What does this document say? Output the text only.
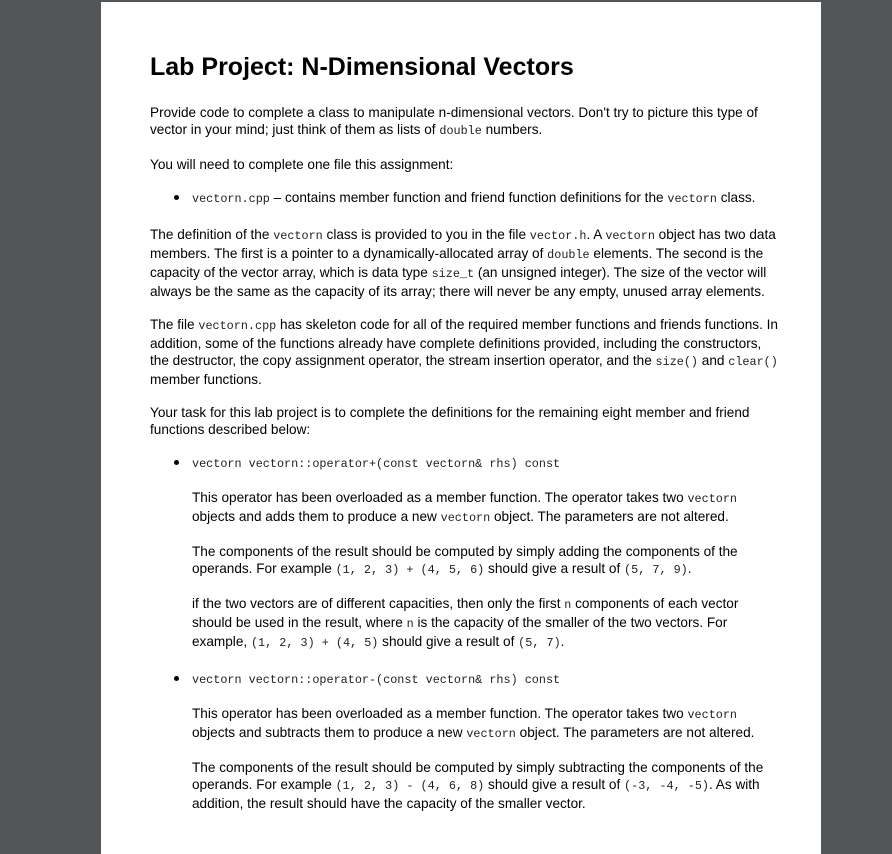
Lab Project: N-Dimensional Vectors

Provide code to complete a class to manipulate n-dimensional vectors. Don't try to picture this type of vector in your mind; just think of them as lists of double numbers.

You will need to complete one file this assignment:

vectorn.cpp – contains member function and friend function definitions for the vectorn class.

The definition of the vectorn class is provided to you in the file vector.h. A vectorn object has two data members. The first is a pointer to a dynamically-allocated array of double elements. The second is the capacity of the vector array, which is data type size_t (an unsigned integer). The size of the vector will always be the same as the capacity of its array; there will never be any empty, unused array elements.

The file vectorn.cpp has skeleton code for all of the required member functions and friends functions. In addition, some of the functions already have complete definitions provided, including the constructors, the destructor, the copy assignment operator, the stream insertion operator, and the size() and clear() member functions.

Your task for this lab project is to complete the definitions for the remaining eight member and friend functions described below:

vectorn vectorn::operator+(const vectorn& rhs) const
This operator has been overloaded as a member function. The operator takes two vectorn objects and adds them to produce a new vectorn object. The parameters are not altered.
The components of the result should be computed by simply adding the components of the operands. For example (1, 2, 3) + (4, 5, 6) should give a result of (5, 7, 9).
if the two vectors are of different capacities, then only the first n components of each vector should be used in the result, where n is the capacity of the smaller of the two vectors. For example, (1, 2, 3) + (4, 5) should give a result of (5, 7).
vectorn vectorn::operator-(const vectorn& rhs) const
This operator has been overloaded as a member function. The operator takes two vectorn objects and subtracts them to produce a new vectorn object. The parameters are not altered.
The components of the result should be computed by simply subtracting the components of the operands. For example (1, 2, 3) - (4, 6, 8) should give a result of (-3, -4, -5). As with addition, the result should have the capacity of the smaller vector.
